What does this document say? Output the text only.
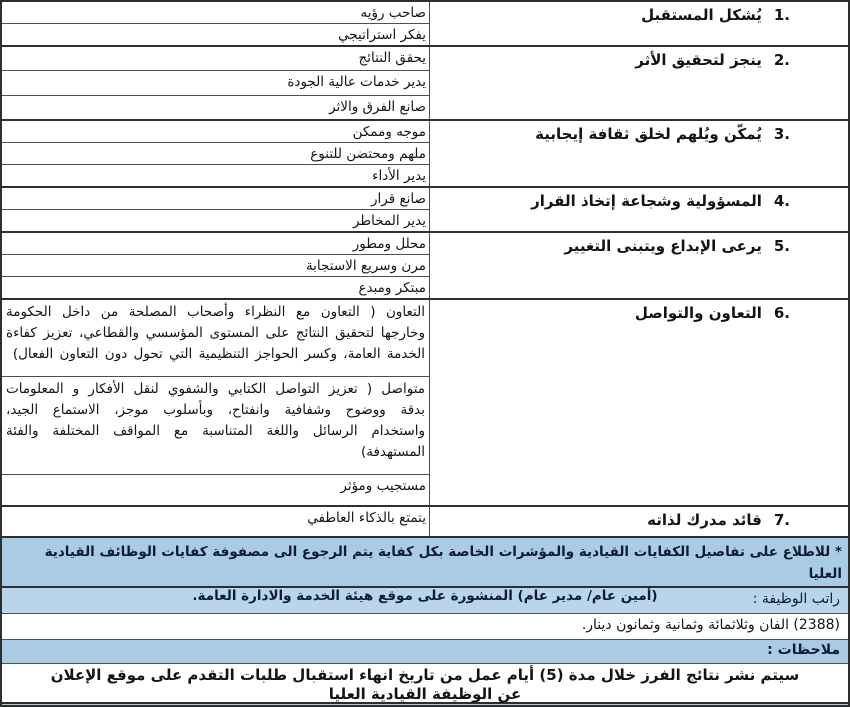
1.يُشكل المستقبل
صاحب رؤيه
يفكر استراتيجي
2.ينجز لتحقيق الأثر
يحقق النتائج
يدير خدمات عالية الجودة
صانع الفرق والاثر
3.يُمكّن ويُلهم لخلق ثقافة إيجابية
موجه وممكن
ملهم ومحتضن للتنوع
يدير الأداء
4.المسؤولية وشجاعة إتخاذ القرار
صانع قرار
يدير المخاطر
5.يرعى الإبداع ويتبنى التغيير
محلل ومطور
مرن وسريع الاستجابة
مبتكر ومبدع
6.التعاون والتواصل
التعاون ( التعاون مع النظراء وأصحاب المصلحة من داخل الحكومة وخارجها لتحقيق النتائج على المستوى المؤسسي والقطاعي، تعزيز كفاءة الخدمة العامة، وكسر الحواجز التنظيمية التي تحول دون التعاون الفعال)
متواصل ( تعزيز التواصل الكتابي والشفوي لنقل الأفكار و المعلومات بدقة ووضوح وشفافية وانفتاح، وبأسلوب موجز، الاستماع الجيد، واستخدام الرسائل واللغة المتناسبة مع المواقف المختلفة والفئة المستهدفة)
مستجيب ومؤثر
7.قائد مدرك لذاته
يتمتع بالذكاء العاطفي
* للاطلاع على تفاصيل الكفايات القيادية والمؤشرات الخاصة بكل كفاية يتم الرجوع الى مصفوفة كفايات الوظائف القيادية العليا
(أمين عام/ مدير عام) المنشورة على موقع هيئة الخدمة والادارة العامة.	راتب الوظيفة :
(2388) الفان وثلاثمائة وثمانية وثمانون دينار.
ملاحظات :
سيتم نشر نتائج الفرز خلال مدة (5) أيام عمل من تاريخ انهاء استقبال طلبات التقدم على موقع الإعلان عن الوظيفة القيادية العليا
